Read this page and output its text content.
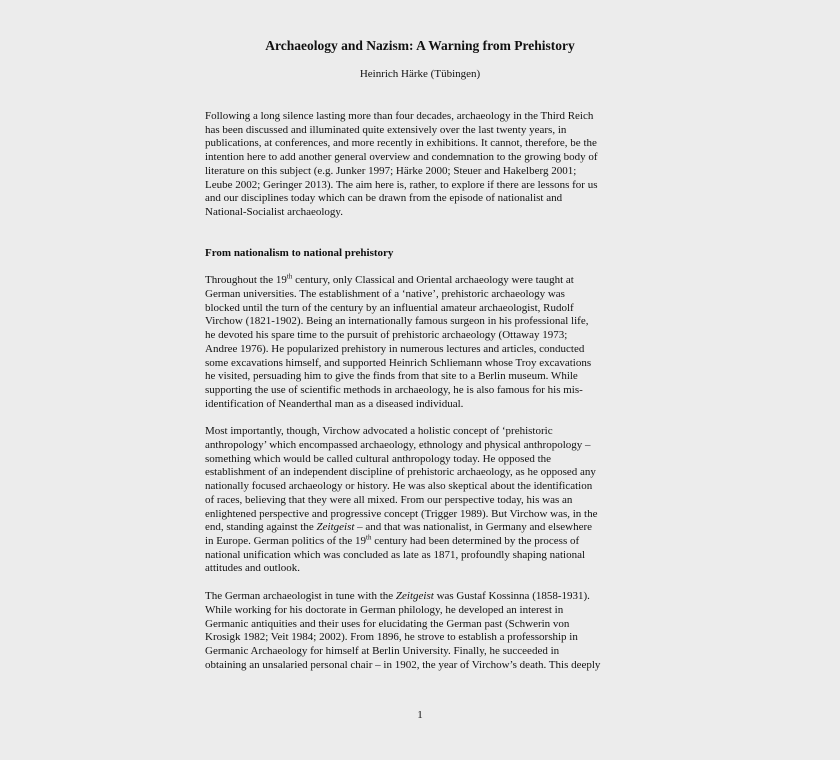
Archaeology and Nazism: A Warning from Prehistory
Heinrich Härke (Tübingen)

Following a long silence lasting more than four decades, archaeology in the Third Reich
has been discussed and illuminated quite extensively over the last twenty years, in
publications, at conferences, and more recently in exhibitions. It cannot, therefore, be the
intention here to add another general overview and condemnation to the growing body of
literature on this subject (e.g. Junker 1997; Härke 2000; Steuer and Hakelberg 2001;
Leube 2002; Geringer 2013). The aim here is, rather, to explore if there are lessons for us
and our disciplines today which can be drawn from the episode of nationalist and
National-Socialist archaeology.

From nationalism to national prehistory

Throughout the 19th century, only Classical and Oriental archaeology were taught at
German universities. The establishment of a ‘native’, prehistoric archaeology was
blocked until the turn of the century by an influential amateur archaeologist, Rudolf
Virchow (1821-1902). Being an internationally famous surgeon in his professional life,
he devoted his spare time to the pursuit of prehistoric archaeology (Ottaway 1973;
Andree 1976). He popularized prehistory in numerous lectures and articles, conducted
some excavations himself, and supported Heinrich Schliemann whose Troy excavations
he visited, persuading him to give the finds from that site to a Berlin museum. While
supporting the use of scientific methods in archaeology, he is also famous for his mis-
identification of Neanderthal man as a diseased individual.

Most importantly, though, Virchow advocated a holistic concept of ‘prehistoric
anthropology’ which encompassed archaeology, ethnology and physical anthropology –
something which would be called cultural anthropology today. He opposed the
establishment of an independent discipline of prehistoric archaeology, as he opposed any
nationally focused archaeology or history. He was also skeptical about the identification
of races, believing that they were all mixed. From our perspective today, his was an
enlightened perspective and progressive concept (Trigger 1989). But Virchow was, in the
end, standing against the Zeitgeist – and that was nationalist, in Germany and elsewhere
in Europe. German politics of the 19th century had been determined by the process of
national unification which was concluded as late as 1871, profoundly shaping national
attitudes and outlook.

The German archaeologist in tune with the Zeitgeist was Gustaf Kossinna (1858-1931).
While working for his doctorate in German philology, he developed an interest in
Germanic antiquities and their uses for elucidating the German past (Schwerin von
Krosigk 1982; Veit 1984; 2002). From 1896, he strove to establish a professorship in
Germanic Archaeology for himself at Berlin University. Finally, he succeeded in
obtaining an unsalaried personal chair – in 1902, the year of Virchow’s death. This deeply

1
